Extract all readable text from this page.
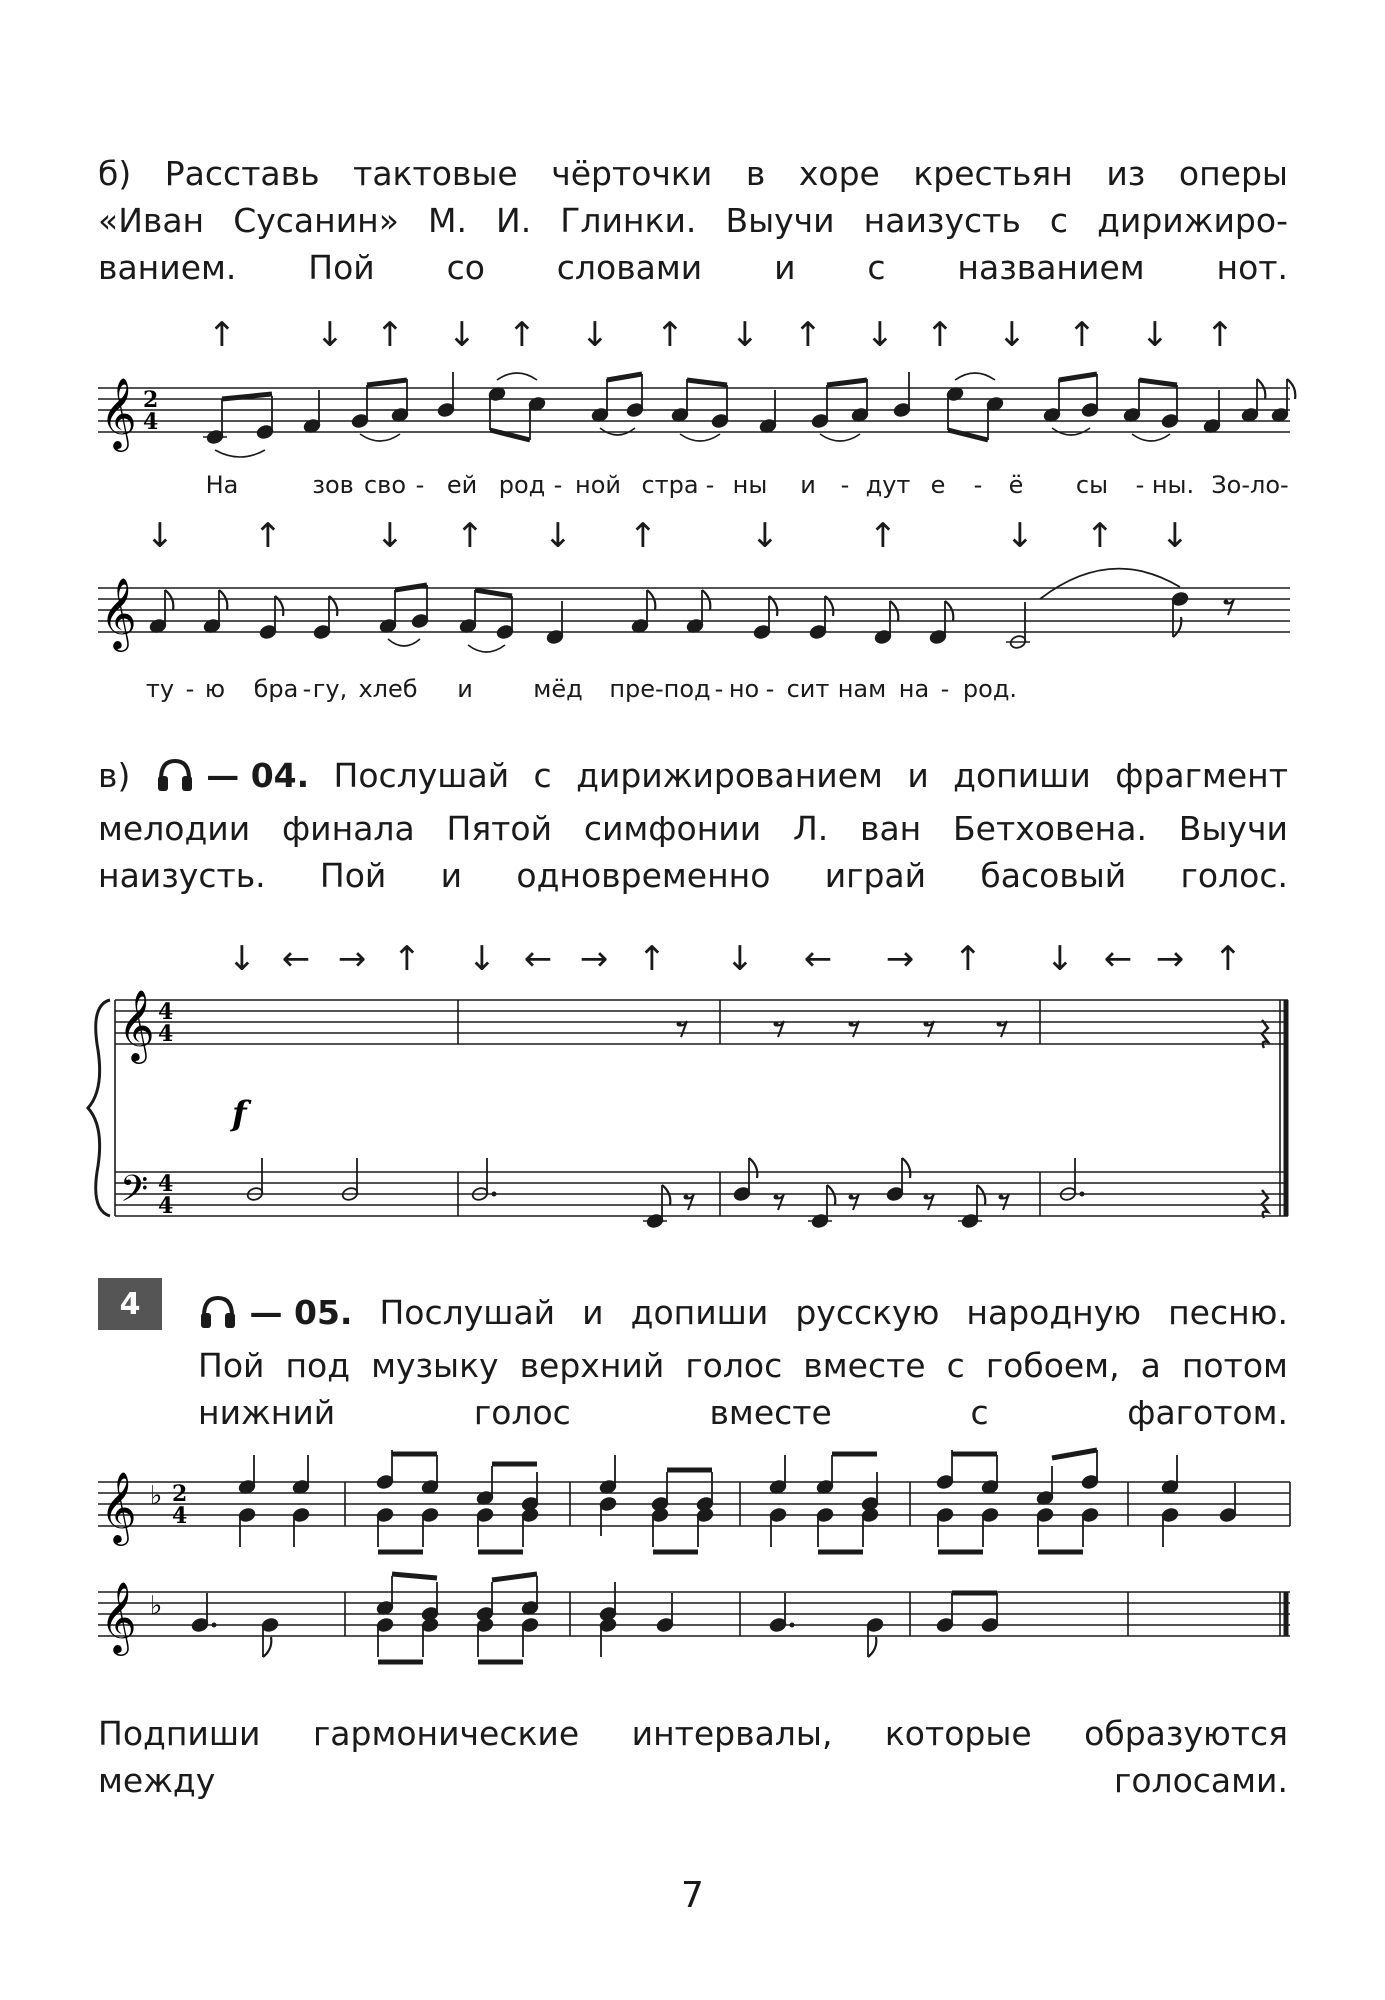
б) Расставь тактовые чёрточки в хоре крестьян из оперы
«Иван Сусанин» М. И. Глинки. Выучи наизусть с дирижиро-
ванием. Пой со словами и с названием нот.
↑ ↓ ↑ ↓ ↑ ↓ ↑ ↓ ↑ ↓ ↑ ↓ ↑ ↓ ↑
𝄞 2
4
На	зов сво - ей род - ной стра - ны и - дут е - ё сы - ны. Зо-ло-
↓ ↑	↓ ↑ ↓ ↑	↓	↑	↓ ↑ ↓
𝄞
ту - ю бра - гу, хлеб и	мёд пре-под - но - сит нам на - род.
в)	— 04. Послушай с дирижированием и допиши фрагмент
мелодии финала Пятой симфонии Л. ван Бетховена. Выучи
наизусть. Пой и одновременно играй басовый голос.
↓ ← → ↑ ↓ ← → ↑ ↓ ← → ↑ ↓ ← → ↑
𝄞
𝄢
4
4
4
4
f
4	— 05. Послушай и допиши русскую народную песню.
Пой под музыку верхний голос вместе с гобоем, а потом
нижний голос вместе с фаготом.
𝄞 ♭ 2
4
𝄞 ♭
Подпиши гармонические интервалы, которые образуются
между голосами.
7
